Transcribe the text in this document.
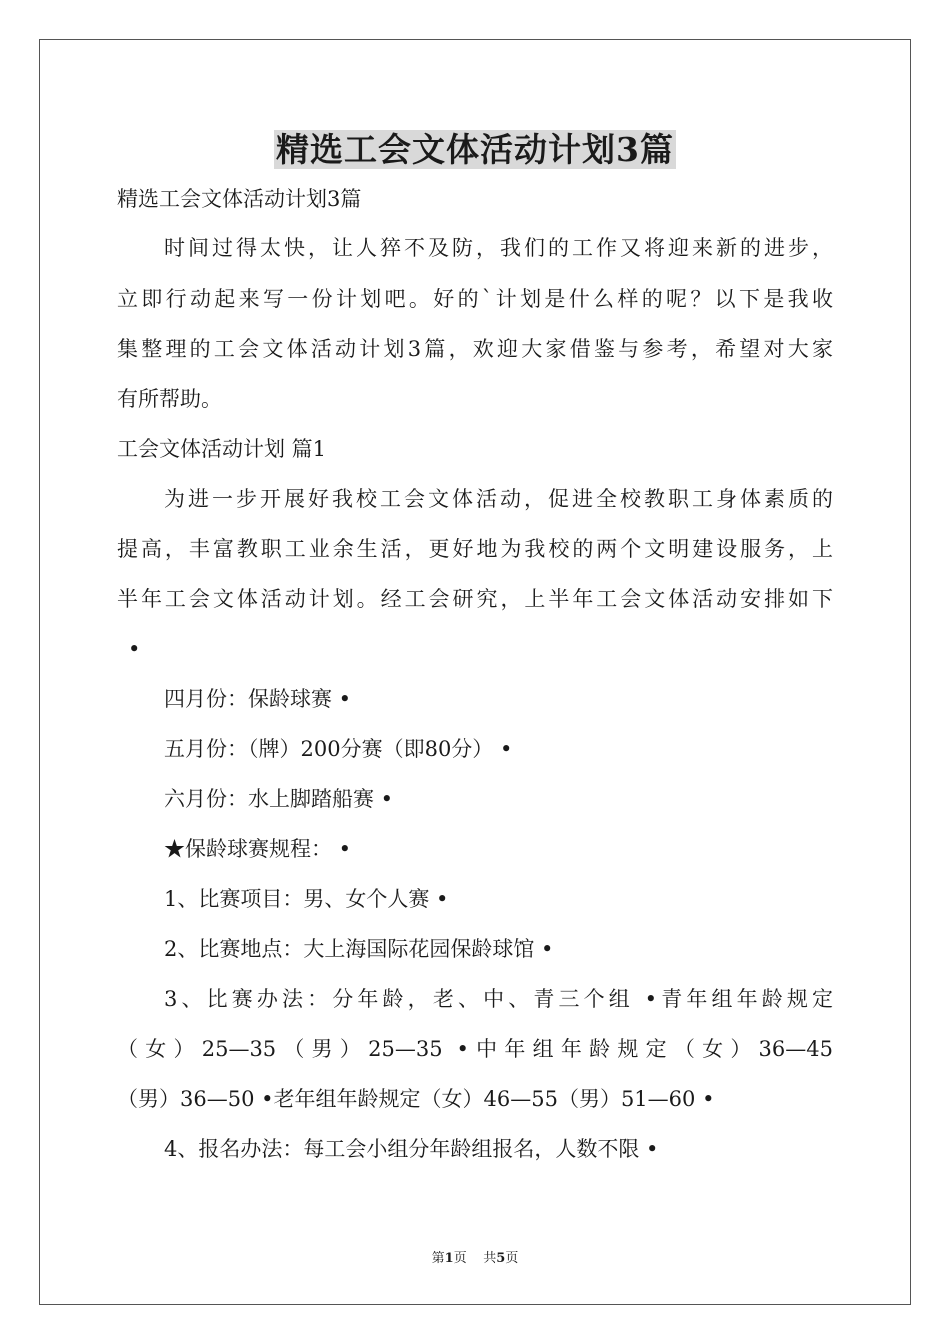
精选工会文体活动计划3篇
精选工会文体活动计划3篇
时间过得太快，让人猝不及防，我们的工作又将迎来新的进步，
立即行动起来写一份计划吧。好的`计划是什么样的呢？以下是我收
集整理的工会文体活动计划3篇，欢迎大家借鉴与参考，希望对大家
有所帮助。
工会文体活动计划 篇1
为进一步开展好我校工会文体活动，促进全校教职工身体素质的
提高，丰富教职工业余生活，更好地为我校的两个文明建设服务，上
半年工会文体活动计划。经工会研究，上半年工会文体活动安排如下
•
四月份：保龄球赛 •
五月份：（牌）200分赛（即80分） •
六月份：水上脚踏船赛 •
★保龄球赛规程： •
1、比赛项目：男、女个人赛 •
2、比赛地点：大上海国际花园保龄球馆 •
3、比赛办法：分年龄，老、中、青三个组 •青年组年龄规定
（女）25—35（男）25—35 •中年组年龄规定（女）36—45
（男）36—50 •老年组年龄规定（女）46—55（男）51—60 •
4、报名办法：每工会小组分年龄组报名，人数不限 •
第1页 共5页
